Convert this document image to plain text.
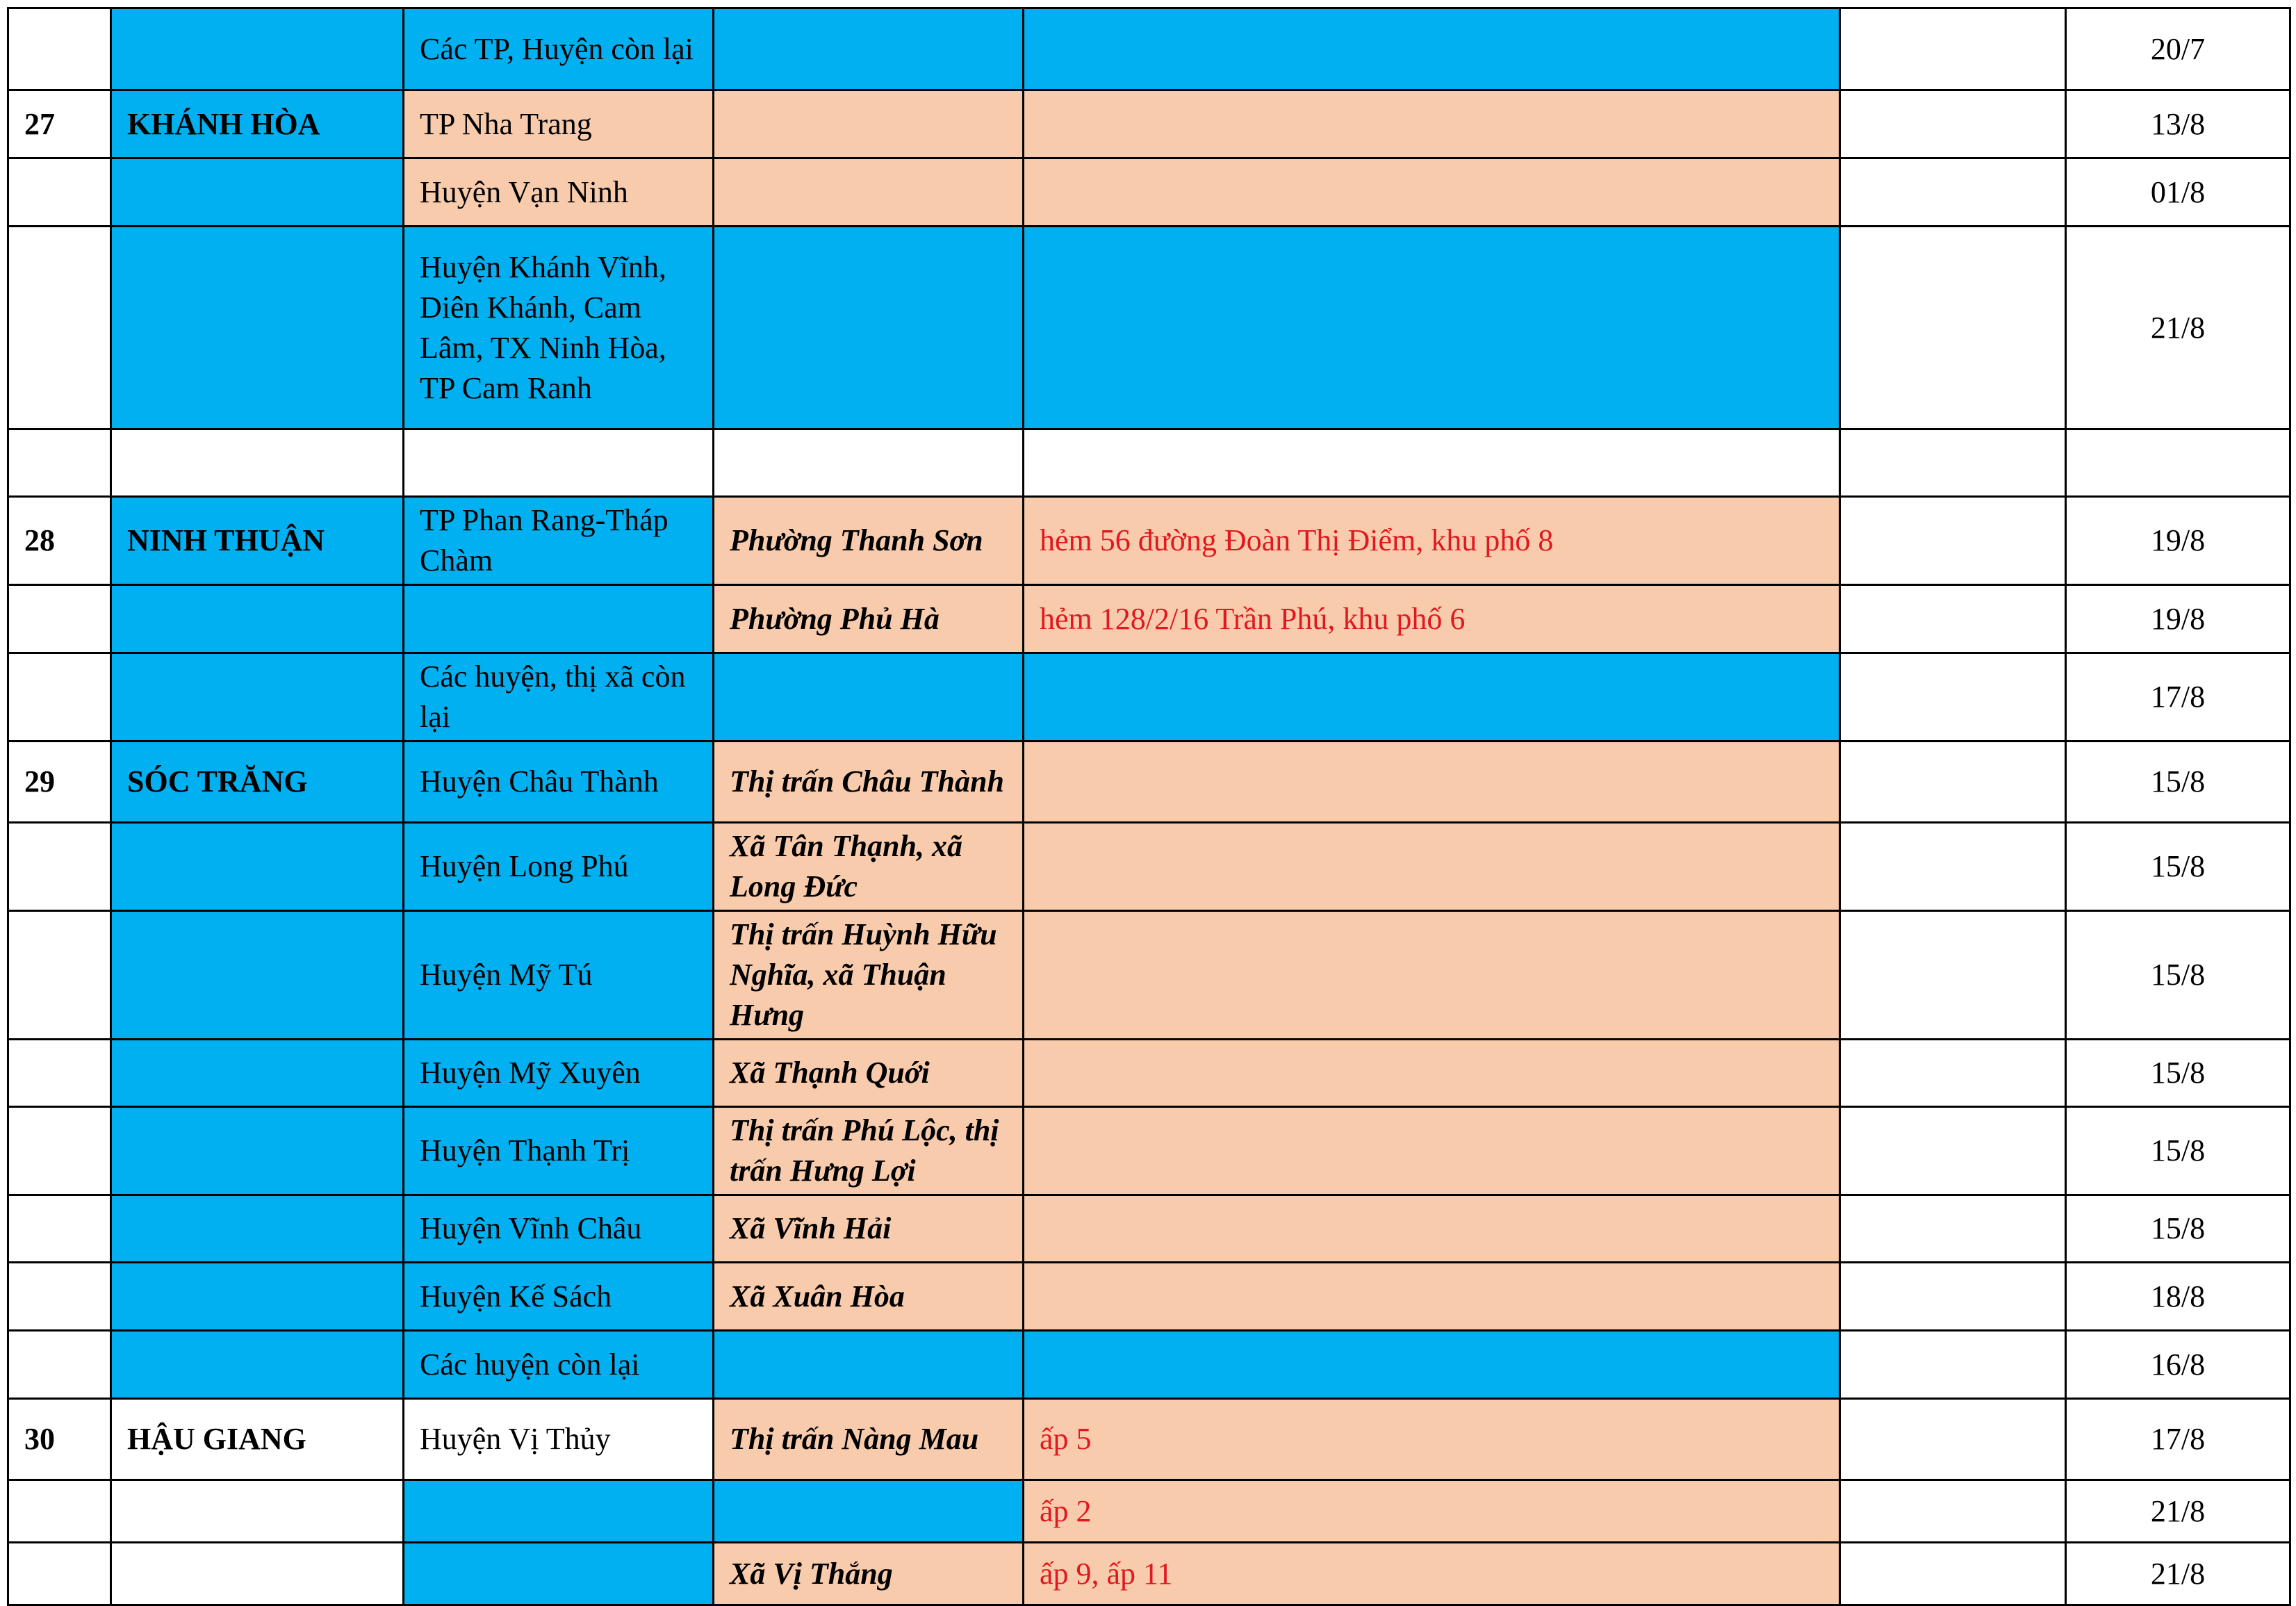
		Các TP, Huyện còn lại				20/7
27	KHÁNH HÒA	TP Nha Trang				13/8
		Huyện Vạn Ninh				01/8
		Huyện Khánh Vĩnh, Diên Khánh, Cam Lâm, TX Ninh Hòa, TP Cam Ranh				21/8

28	NINH THUẬN	TP Phan Rang-Tháp Chàm	Phường Thanh Sơn	hẻm 56 đường Đoàn Thị Điểm, khu phố 8		19/8
			Phường Phủ Hà	hẻm 128/2/16 Trần Phú, khu phố 6		19/8
		Các huyện, thị xã còn lại				17/8
29	SÓC TRĂNG	Huyện Châu Thành	Thị trấn Châu Thành			15/8
		Huyện Long Phú	Xã Tân Thạnh, xã Long Đức			15/8
		Huyện Mỹ Tú	Thị trấn Huỳnh Hữu Nghĩa, xã Thuận Hưng			15/8
		Huyện Mỹ Xuyên	Xã Thạnh Quới			15/8
		Huyện Thạnh Trị	Thị trấn Phú Lộc, thị trấn Hưng Lợi			15/8
		Huyện Vĩnh Châu	Xã Vĩnh Hải			15/8
		Huyện Kế Sách	Xã Xuân Hòa			18/8
		Các huyện còn lại				16/8
30	HẬU GIANG	Huyện Vị Thủy	Thị trấn Nàng Mau	ấp 5		17/8
				ấp 2		21/8
			Xã Vị Thắng	ấp 9, ấp 11		21/8
